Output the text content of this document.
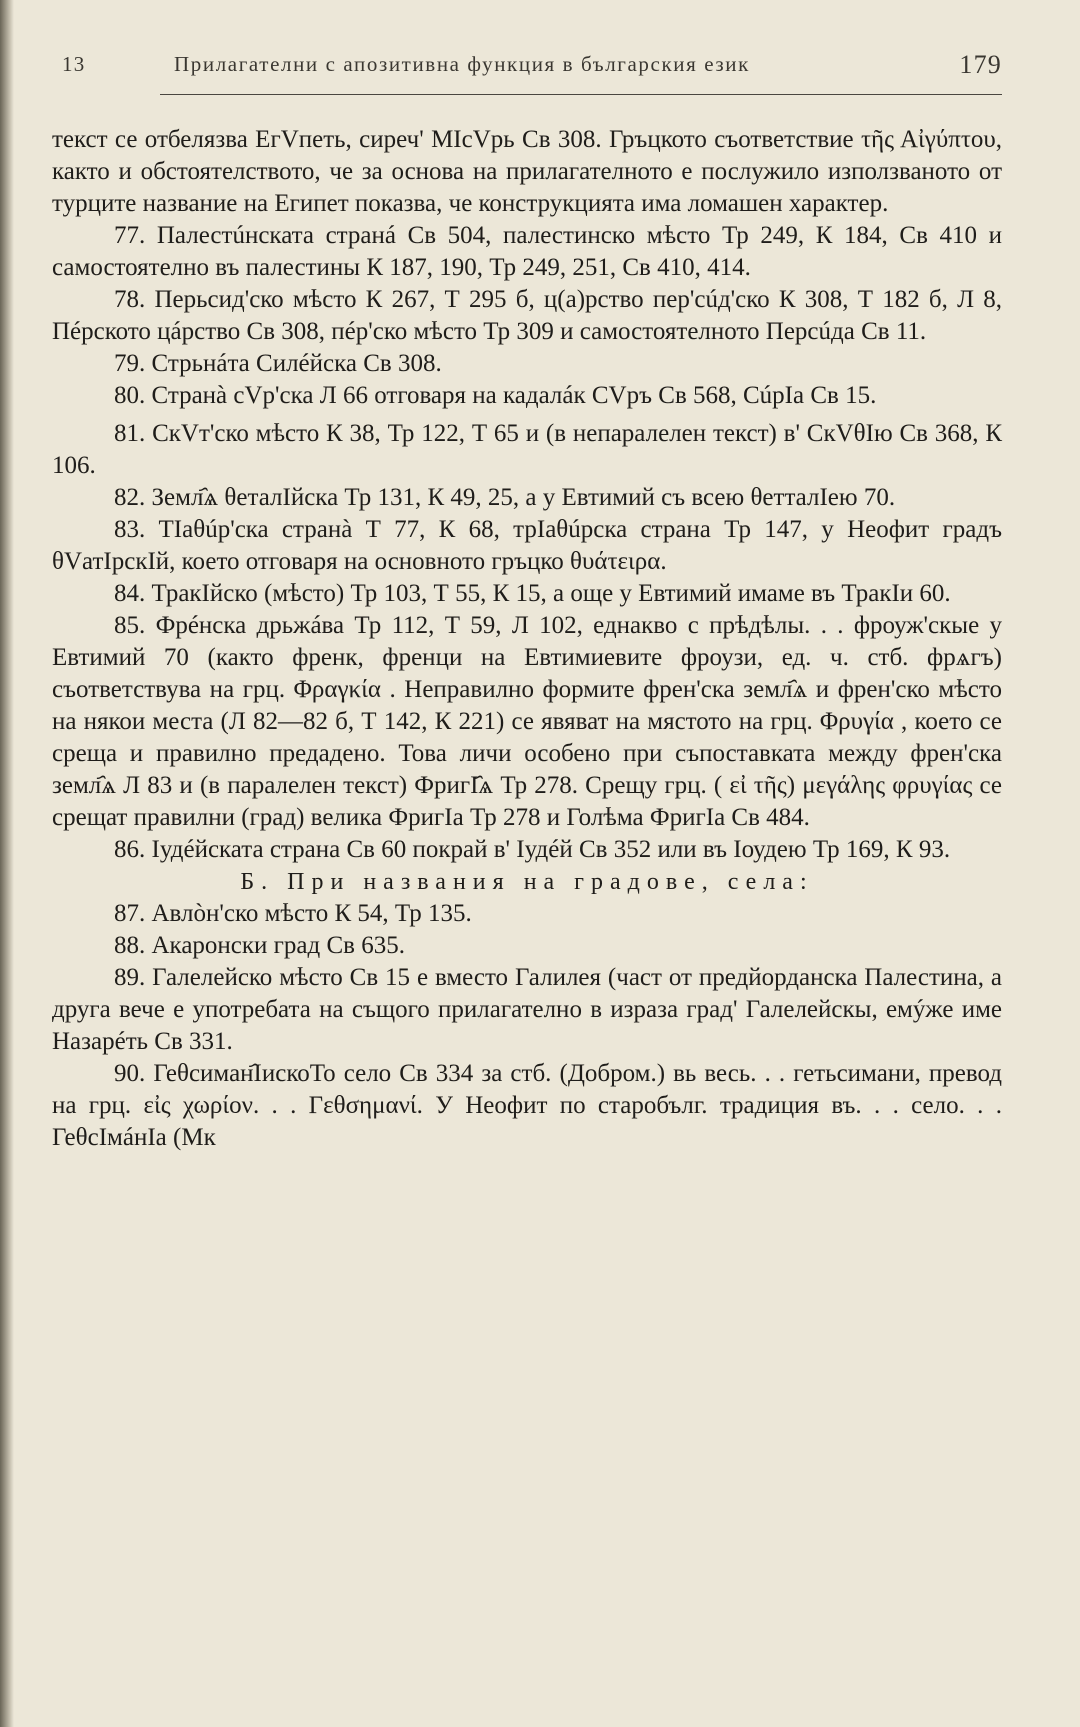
13	Прилагателни с апозитивна функция в българския език	179

текст се отбелязва ЕгVпеть, сиреч' МІсVрь Св 308. Гръцкото съответствие τῆς Αἰγύπτου, както и обстоятелството, че за основа на прилагателното е послужило използваното от турците название на Египет показва, че конструкцията има ломашен характер.

77. Палестúнската странá Св 504, палестинско мѣсто Тр 249, К 184, Св 410 и самостоятелно въ палестины К 187, 190, Тр 249, 251, Св 410, 414.

78. Перьсид'ско мѣсто К 267, Т 295 б, ц(а)рство пер'сúд'ско К 308, Т 182 б, Л 8, Пéрското цáрство Св 308, пéр'ско мѣсто Тр 309 и самостоятелното Персúда Св 11.

79. Стрьнáта Силéйска Св 308.

80. Странà сVр'ска Л 66 отговаря на кадалáк СVръ Св 568, СúрІа Св 15.

81. СкVт'ско мѣсто К 38, Тр 122, Т 65 и (в непаралелен текст) в' СкVθІю Св 368, К 106.

82. Земл҄ѧ θеталІйска Тр 131, К 49, 25, а у Евтимий съ всею θетталІею 70.

83. ТІаθúр'ска странà Т 77, К 68, трІаθúрска страна Тр 147, у Неофит градъ θVатІрскІй, което отговаря на основното гръцко θυάτειρα.

84. ТракІйско (мѣсто) Тр 103, Т 55, К 15, а още у Евтимий имаме въ ТракІи 60.

85. Фрéнска дрьжáва Тр 112, Т 59, Л 102, еднакво с прѣдѣлы. . . фроуж'скые у Евтимий 70 (както френк, френци на Евтимиевите фроузи, ед. ч. стб. фрѧгъ) съответствува на грц. Φραγκία . Неправилно формите френ'ска земл҄ѧ и френ'ско мѣсто на някои места (Л 82—82 б, Т 142, К 221) се явяват на мястото на грц. Φρυγία , което се среща и правилно предадено. Това личи особено при съпоставката между френ'ска земл҄ѧ Л 83 и (в паралелен текст) ФригІ҄ѧ Тр 278. Срещу грц. ( εἰ τῆς) μεγάλης φρυγίας се срещат правилни (град) велика ФригІа Тр 278 и Голѣма ФригІа Св 484.

86. Іудéйската страна Св 60 покрай в' Іудéй Св 352 или въ Іоудею Тр 169, К 93.

Б. При названия на градове, села:

87. Авлòн'ско мѣсто К 54, Тр 135.

88. Акаронски град Св 635.

89. Галелейско мѣсто Св 15 е вместо Галилея (част от предйорданска Палестина, а друга вече е употребата на същого прилагателно в израза град' Галелейскы, емýже име Назарéть Св 331.

90. Геθсиман҄ІискоТо село Св 334 за стб. (Добром.) вь весь. . . гетьсимани, превод на грц. εἰς χωρίον. . . Γεθσημανί. У Неофит по старобълг. традиция въ. . . село. . . ГеθсІмáнІа (Мк
